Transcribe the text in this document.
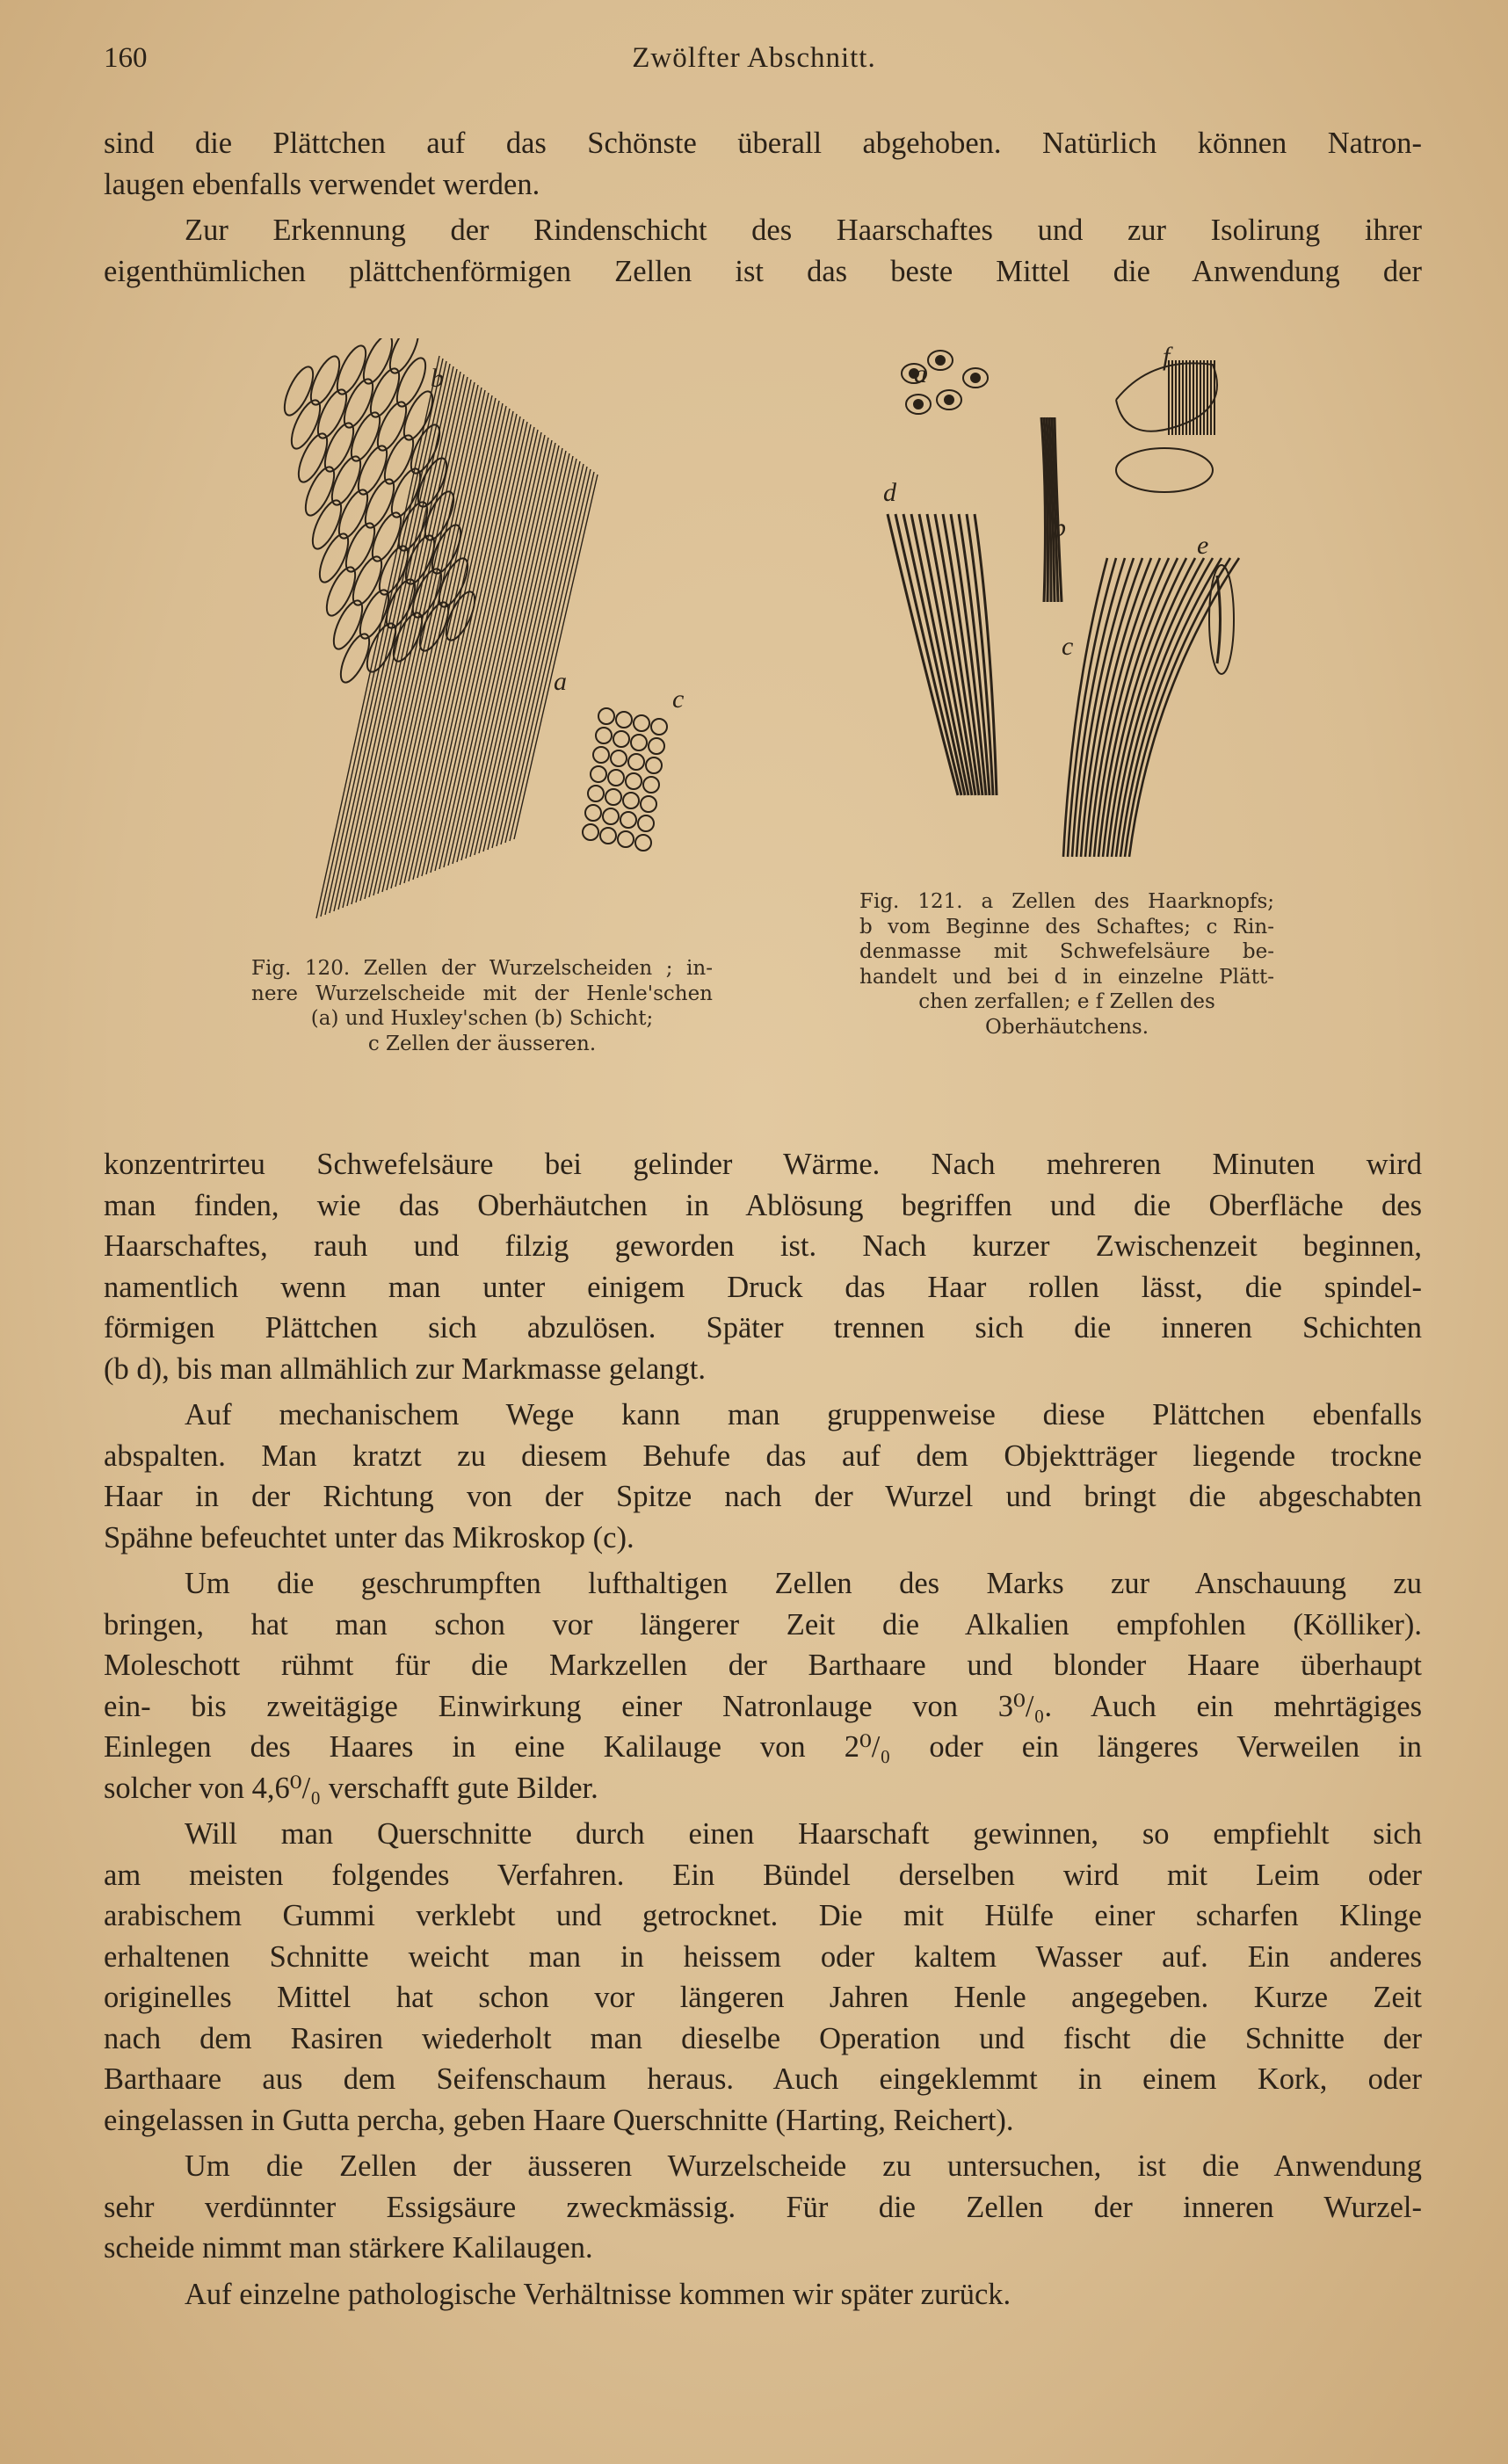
160	Zwölfter Abschnitt.
sind die Plättchen auf das Schönste überall abgehoben. Natürlich können Natron-
laugen ebenfalls verwendet werden.
Zur Erkennung der Rindenschicht des Haarschaftes und zur Isolirung ihrer
eigenthümlichen plättchenförmigen Zellen ist das beste Mittel die Anwendung der
b
a
c
Fig. 120. Zellen der Wurzelscheiden ; in-
nere Wurzelscheide mit der Henle'schen
(a) und Huxley'schen (b) Schicht;
c Zellen der äusseren.
a
b
c
d
e
f
Fig. 121. a Zellen des Haarknopfs;
b vom Beginne des Schaftes; c Rin-
denmasse mit Schwefelsäure be-
handelt und bei d in einzelne Plätt-
chen zerfallen; e f Zellen des
Oberhäutchens.
konzentrirteu Schwefelsäure bei gelinder Wärme. Nach mehreren Minuten wird
man finden, wie das Oberhäutchen in Ablösung begriffen und die Oberfläche des
Haarschaftes, rauh und filzig geworden ist. Nach kurzer Zwischenzeit beginnen,
namentlich wenn man unter einigem Druck das Haar rollen lässt, die spindel-
förmigen Plättchen sich abzulösen. Später trennen sich die inneren Schichten
(b d), bis man allmählich zur Markmasse gelangt.
Auf mechanischem Wege kann man gruppenweise diese Plättchen ebenfalls
abspalten. Man kratzt zu diesem Behufe das auf dem Objektträger liegende trockne
Haar in der Richtung von der Spitze nach der Wurzel und bringt die abgeschabten
Spähne befeuchtet unter das Mikroskop (c).
Um die geschrumpften lufthaltigen Zellen des Marks zur Anschauung zu
bringen, hat man schon vor längerer Zeit die Alkalien empfohlen (Kölliker).
Moleschott rühmt für die Markzellen der Barthaare und blonder Haare überhaupt
ein- bis zweitägige Einwirkung einer Natronlauge von 3⁰/₀. Auch ein mehrtägiges
Einlegen des Haares in eine Kalilauge von 2⁰/₀ oder ein längeres Verweilen in
solcher von 4,6⁰/₀ verschafft gute Bilder.
Will man Querschnitte durch einen Haarschaft gewinnen, so empfiehlt sich
am meisten folgendes Verfahren. Ein Bündel derselben wird mit Leim oder
arabischem Gummi verklebt und getrocknet. Die mit Hülfe einer scharfen Klinge
erhaltenen Schnitte weicht man in heissem oder kaltem Wasser auf. Ein anderes
originelles Mittel hat schon vor längeren Jahren Henle angegeben. Kurze Zeit
nach dem Rasiren wiederholt man dieselbe Operation und fischt die Schnitte der
Barthaare aus dem Seifenschaum heraus. Auch eingeklemmt in einem Kork, oder
eingelassen in Gutta percha, geben Haare Querschnitte (Harting, Reichert).
Um die Zellen der äusseren Wurzelscheide zu untersuchen, ist die Anwendung
sehr verdünnter Essigsäure zweckmässig. Für die Zellen der inneren Wurzel-
scheide nimmt man stärkere Kalilaugen.
Auf einzelne pathologische Verhältnisse kommen wir später zurück.
